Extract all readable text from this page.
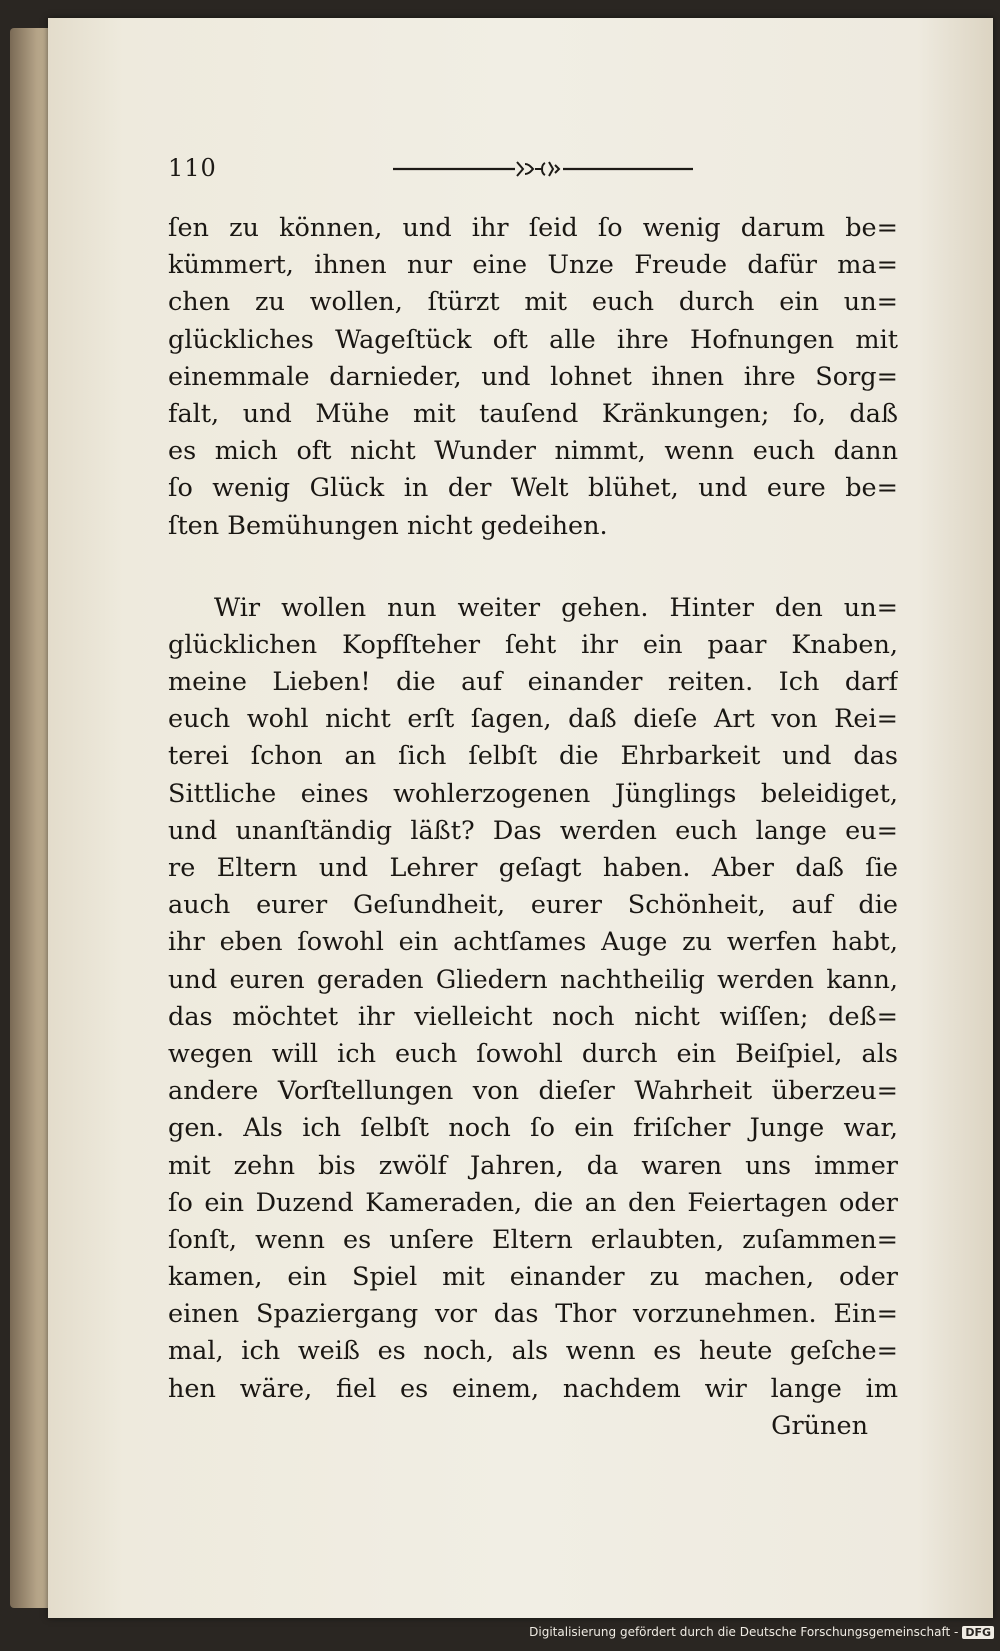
110
ſen zu können, und ihr ſeid ſo wenig darum be=
kümmert, ihnen nur eine Unze Freude dafür ma=
chen zu wollen, ſtürzt mit euch durch ein un=
glückliches Wageſtück oft alle ihre Hofnungen mit
einemmale darnieder, und lohnet ihnen ihre Sorg=
falt, und Mühe mit tauſend Kränkungen; ſo, daß
es mich oft nicht Wunder nimmt, wenn euch dann
ſo wenig Glück in der Welt blühet, und eure be=
ſten Bemühungen nicht gedeihen.
Wir wollen nun weiter gehen. Hinter den un=
glücklichen Kopfſteher ſeht ihr ein paar Knaben,
meine Lieben! die auf einander reiten. Ich darf
euch wohl nicht erſt ſagen, daß dieſe Art von Rei=
terei ſchon an ſich ſelbſt die Ehrbarkeit und das
Sittliche eines wohlerzogenen Jünglings beleidiget,
und unanſtändig läßt? Das werden euch lange eu=
re Eltern und Lehrer geſagt haben. Aber daß ſie
auch eurer Geſundheit, eurer Schönheit, auf die
ihr eben ſowohl ein achtſames Auge zu werfen habt,
und euren geraden Gliedern nachtheilig werden kann,
das möchtet ihr vielleicht noch nicht wiſſen; deß=
wegen will ich euch ſowohl durch ein Beiſpiel, als
andere Vorſtellungen von dieſer Wahrheit überzeu=
gen. Als ich ſelbſt noch ſo ein friſcher Junge war,
mit zehn bis zwölf Jahren, da waren uns immer
ſo ein Duzend Kameraden, die an den Feiertagen oder
ſonſt, wenn es unſere Eltern erlaubten, zuſammen=
kamen, ein Spiel mit einander zu machen, oder
einen Spaziergang vor das Thor vorzunehmen. Ein=
mal, ich weiß es noch, als wenn es heute geſche=
hen wäre, fiel es einem, nachdem wir lange im
Grünen
Digitalisierung gefördert durch die Deutsche Forschungsgemeinschaft - DFG
